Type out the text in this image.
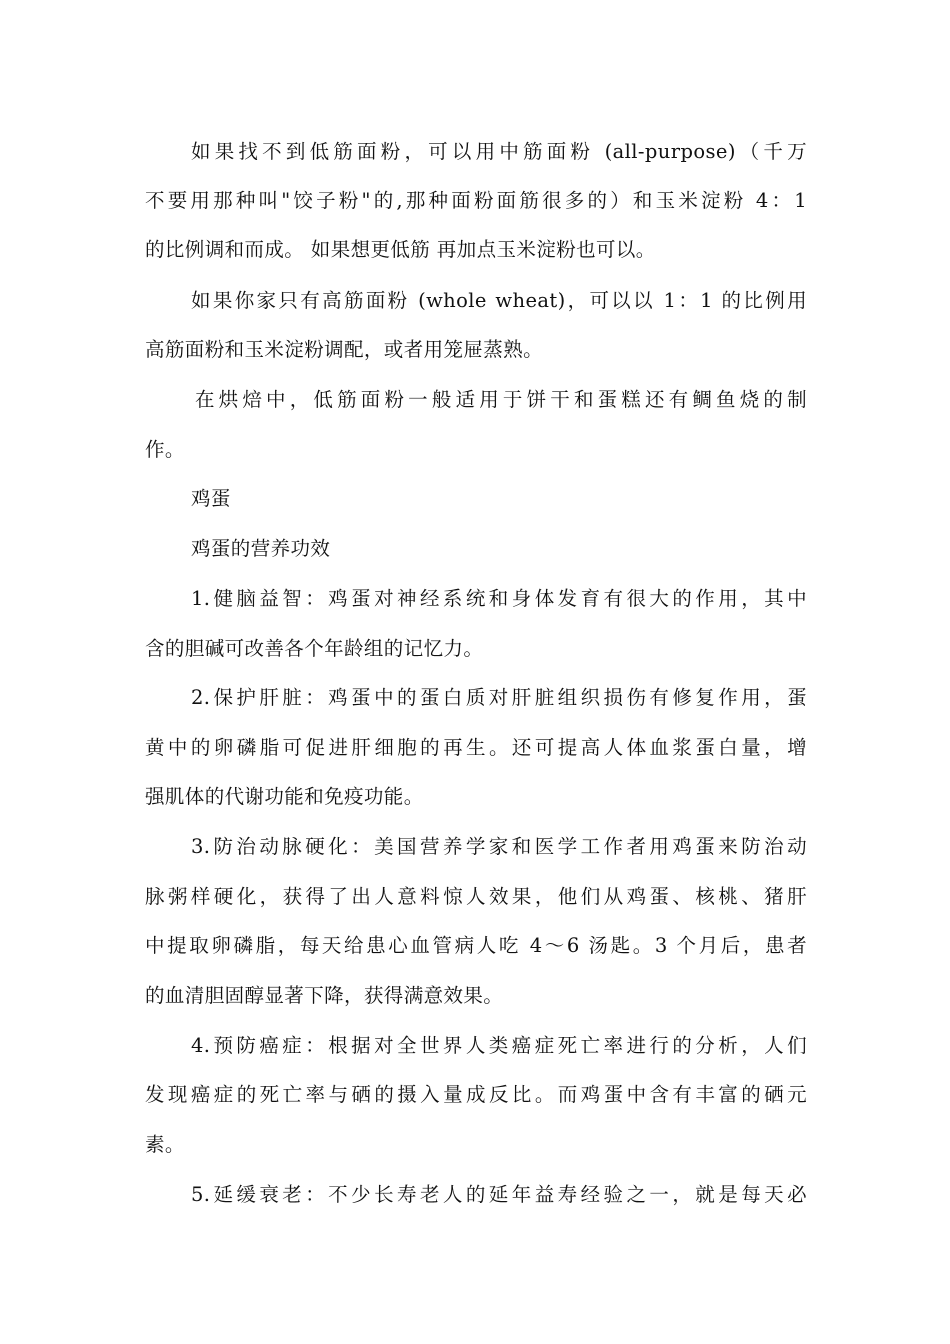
如果找不到低筋面粉，可以用中筋面粉 (all-purpose)（千万
不要用那种叫"饺子粉"的,那种面粉面筋很多的）和玉米淀粉 4：1
的比例调和而成。 如果想更低筋 再加点玉米淀粉也可以。
如果你家只有高筋面粉 (whole wheat)，可以以 1：1 的比例用
高筋面粉和玉米淀粉调配，或者用笼屉蒸熟。
在烘焙中，低筋面粉一般适用于饼干和蛋糕还有鲷鱼烧的制
作。
鸡蛋
鸡蛋的营养功效
1.健脑益智：鸡蛋对神经系统和身体发育有很大的作用，其中
含的胆碱可改善各个年龄组的记忆力。
2.保护肝脏：鸡蛋中的蛋白质对肝脏组织损伤有修复作用，蛋
黄中的卵磷脂可促进肝细胞的再生。还可提高人体血浆蛋白量，增
强肌体的代谢功能和免疫功能。
3.防治动脉硬化：美国营养学家和医学工作者用鸡蛋来防治动
脉粥样硬化，获得了出人意料惊人效果，他们从鸡蛋、核桃、猪肝
中提取卵磷脂，每天给患心血管病人吃 4～6 汤匙。3 个月后，患者
的血清胆固醇显著下降，获得满意效果。
4.预防癌症：根据对全世界人类癌症死亡率进行的分析，人们
发现癌症的死亡率与硒的摄入量成反比。而鸡蛋中含有丰富的硒元
素。
5.延缓衰老：不少长寿老人的延年益寿经验之一，就是每天必
